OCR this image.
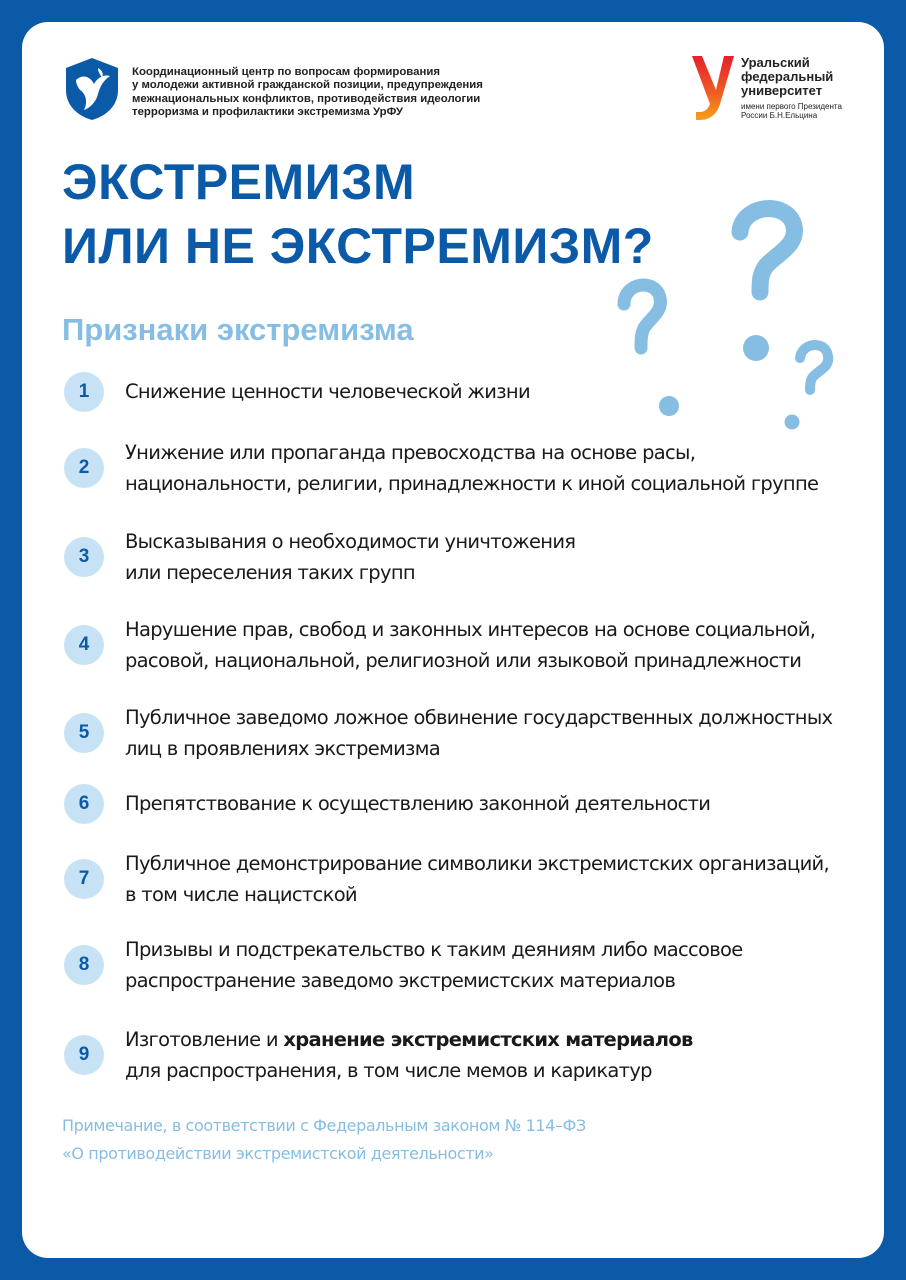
Координационный центр по вопросам формирования
у молодежи активной гражданской позиции, предупреждения
межнациональных конфликтов, противодействия идеологии
терроризма и профилактики экстремизма УрФУ
Уральский
федеральный
университет
имени первого Президента
России Б.Н.Ельцина
ЭКСТРЕМИЗМ
ИЛИ НЕ ЭКСТРЕМИЗМ?
Признаки экстремизма
1	Снижение ценности человеческой жизни
2
Унижение или пропаганда превосходства на основе расы,
национальности, религии, принадлежности к иной социальной группе
3
Высказывания о необходимости уничтожения
или переселения таких групп
4
Нарушение прав, свобод и законных интересов на основе социальной,
расовой, национальной, религиозной или языковой принадлежности
5
Публичное заведомо ложное обвинение государственных должностных
лиц в проявлениях экстремизма
6	Препятствование к осуществлению законной деятельности
7
Публичное демонстрирование символики экстремистских организаций,
в том числе нацистской
8
Призывы и подстрекательство к таким деяниям либо массовое
распространение заведомо экстремистских материалов
9
Изготовление и хранение экстремистских материалов
для распространения, в том числе мемов и карикатур
Примечание, в соответствии с Федеральным законом № 114–ФЗ
«О противодействии экстремистской деятельности»
